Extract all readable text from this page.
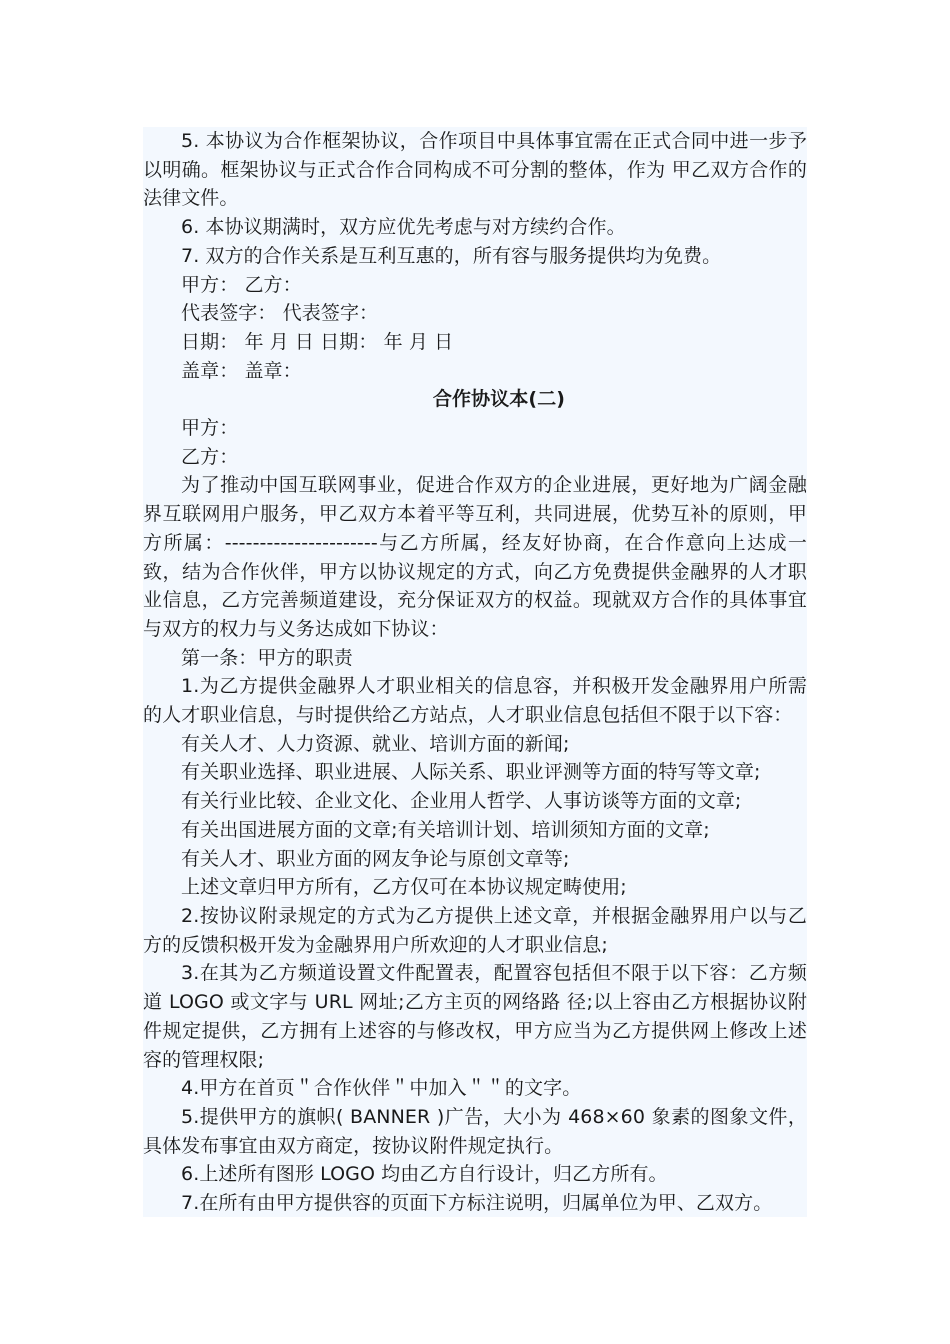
5. 本协议为合作框架协议，合作项目中具体事宜需在正式合同中进一步予以明确。框架协议与正式合作合同构成不可分割的整体，作为 甲乙双方合作的法律文件。

6. 本协议期满时，双方应优先考虑与对方续约合作。

7. 双方的合作关系是互利互惠的，所有容与服务提供均为免费。

甲方： 乙方：

代表签字： 代表签字：

日期： 年 月 日 日期： 年 月 日

盖章： 盖章：

合作协议本(二)

甲方：

乙方：

为了推动中国互联网事业，促进合作双方的企业进展，更好地为广阔金融界互联网用户服务，甲乙双方本着平等互利，共同进展，优势互补的原则，甲方所属：----------------------与乙方所属，经友好协商，在合作意向上达成一致，结为合作伙伴，甲方以协议规定的方式，向乙方免费提供金融界的人才职业信息，乙方完善频道建设，充分保证双方的权益。现就双方合作的具体事宜与双方的权力与义务达成如下协议：

第一条：甲方的职责

1.为乙方提供金融界人才职业相关的信息容，并积极开发金融界用户所需的人才职业信息，与时提供给乙方站点，人才职业信息包括但不限于以下容：

有关人才、人力资源、就业、培训方面的新闻;

有关职业选择、职业进展、人际关系、职业评测等方面的特写等文章;

有关行业比较、企业文化、企业用人哲学、人事访谈等方面的文章;

有关出国进展方面的文章;有关培训计划、培训须知方面的文章;

有关人才、职业方面的网友争论与原创文章等;

上述文章归甲方所有，乙方仅可在本协议规定畴使用;

2.按协议附录规定的方式为乙方提供上述文章，并根据金融界用户以与乙方的反馈积极开发为金融界用户所欢迎的人才职业信息;

3.在其为乙方频道设置文件配置表，配置容包括但不限于以下容：乙方频道 LOGO 或文字与 URL 网址;乙方主页的网络路 径;以上容由乙方根据协议附件规定提供，乙方拥有上述容的与修改权，甲方应当为乙方提供网上修改上述容的管理权限;

4.甲方在首页＂合作伙伴＂中加入＂＂的文字。

5.提供甲方的旗帜( BANNER )广告，大小为 468×60 象素的图象文件，具体发布事宜由双方商定，按协议附件规定执行。

6.上述所有图形 LOGO 均由乙方自行设计，归乙方所有。

7.在所有由甲方提供容的页面下方标注说明，归属单位为甲、乙双方。
